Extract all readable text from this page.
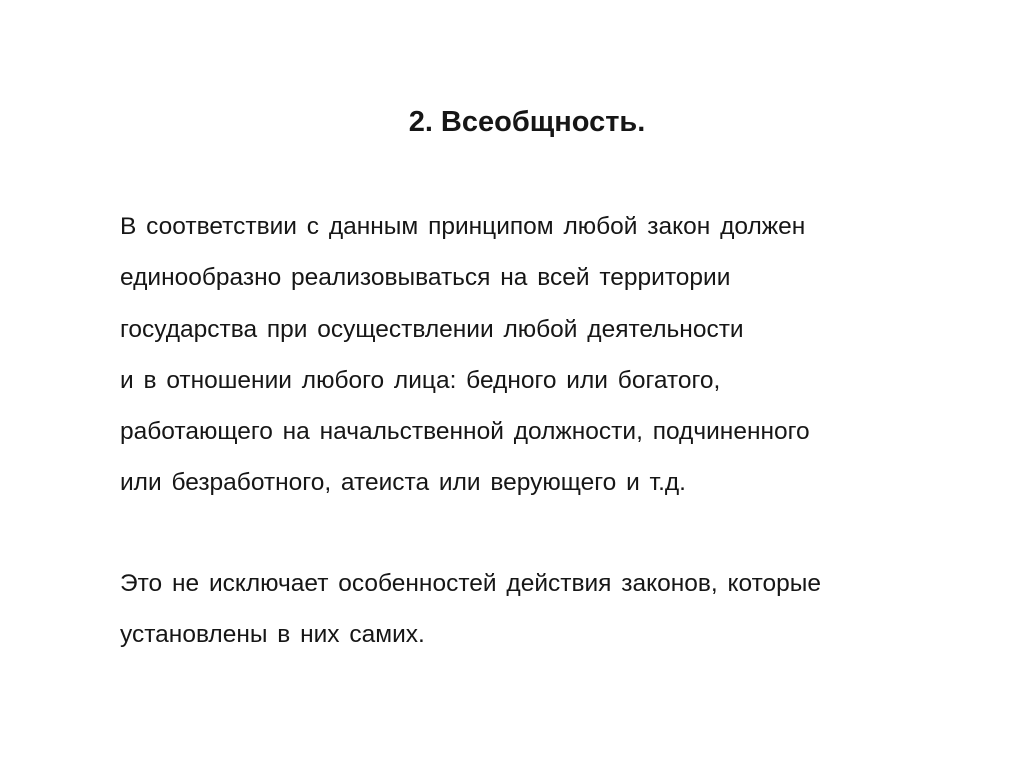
2. Всеобщность.

В соответствии с данным принципом любой закон должен
единообразно реализовываться на всей территории
государства при осуществлении любой деятельности
и в отношении любого лица: бедного или богатого,
работающего на начальственной должности, подчиненного
или безработного, атеиста или верующего и т.д.

Это не исключает особенностей действия законов, которые
установлены в них самих.
